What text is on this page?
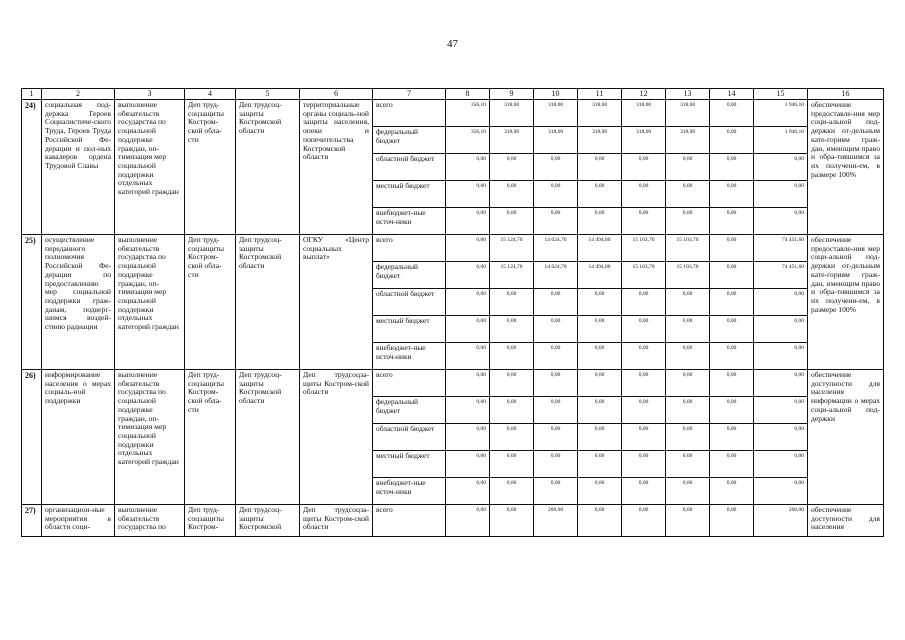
47
1	2	3	4	5	6	7	8	9	10	11	12	13	14	15	16
24)	социальная под-держка Героев Социалистиче-ского Труда, Героев Труда Российской Фе-дерации и пол-ных кавалеров ордена Трудовой Славы	выполнение обязательств государства по социальной поддержке граждан, оп-тимизация мер социальной поддержки отдельных категорий граждан	Деп труд-соцзащиты Костром-ской обла-сти	Деп трудсоц-защиты Костромской области	территориальные органы социаль-ной защиты населения, опеки и попечительства Костромской области	всего	356,10	318,00	318,00	318,00	318,00	318,00	0,00	1 946,10	обеспечение предоставле-ния мер соци-альной под-держки от-дельным кате-гориям граж-дан, имеющим право и обра-тившимся за их получени-ем, в размере 100%
						федеральный бюджет	356,10	318,00	318,00	318,00	318,00	318,00	0,00	1 946,10	
						областной бюджет	0,00	0,00	0,00	0,00	0,00	0,00	0,00	0,00	
						местный бюджет	0,00	0,00	0,00	0,00	0,00	0,00	0,00	0,00	
						внебюджет-ные источ-ники	0,00	0,00	0,00	0,00	0,00	0,00	0,00	0,00	
25)	осуществление переданного полномочия Российской Фе-дерации по предоставлению мер социальной поддержки граж-данам, подверг-шимся воздей-ствию радиации	выполнение обязательств государства по социальной поддержке граждан, оп-тимизация мер социальной поддержки отдельных категорий граждан	Деп труд-соцзащиты Костром-ской обла-сти	Деп трудсоц-защиты Костромской области	ОГКУ «Центр социальных выплат»	всего	0,00	15 124,70	14 624,70	14 494,80	15 103,70	15 103,70	0,00	74 451,60	обеспечение предоставле-ния мер соци-альной под-держки от-дельным кате-гориям граж-дан, имеющим право и обра-тившимся за их получени-ем, в размере 100%
						федеральный бюджет	0,00	15 124,70	14 624,70	14 494,80	15 103,70	15 103,70	0,00	74 451,60	
						областной бюджет	0,00	0,00	0,00	0,00	0,00	0,00	0,00	0,00	
						местный бюджет	0,00	0,00	0,00	0,00	0,00	0,00	0,00	0,00	
						внебюджет-ные источ-ники	0,00	0,00	0,00	0,00	0,00	0,00	0,00	0,00	
26)	информирование населения о мерах социаль-ной поддержки	выполнение обязательств государства по социальной поддержке граждан, оп-тимизация мер социальной поддержки отдельных категорий граждан	Деп труд-соцзащиты Костром-ской обла-сти	Деп трудсоц-защиты Костромской области	Деп трудсоцза-щиты Костром-ской области	всего	0,00	0,00	0,00	0,00	0,00	0,00	0,00	0,00	обеспечение доступности для населения информации о мерах соци-альной под-держки
						федеральный бюджет	0,00	0,00	0,00	0,00	0,00	0,00	0,00	0,00	
						областной бюджет	0,00	0,00	0,00	0,00	0,00	0,00	0,00	0,00	
						местный бюджет	0,00	0,00	0,00	0,00	0,00	0,00	0,00	0,00	
						внебюджет-ные источ-ники	0,00	0,00	0,00	0,00	0,00	0,00	0,00	0,00	
27)	организацион-ные мероприятия в области соци-	выполнение обязательств государства по	Деп труд-соцзащиты Костром-	Деп трудсоц-защиты Костромской	Деп трудсоцза-щиты Костром-ской области	всего	0,00	0,00	200,00	0,00	0,00	0,00	0,00	200,00	обеспечение доступности для населения
